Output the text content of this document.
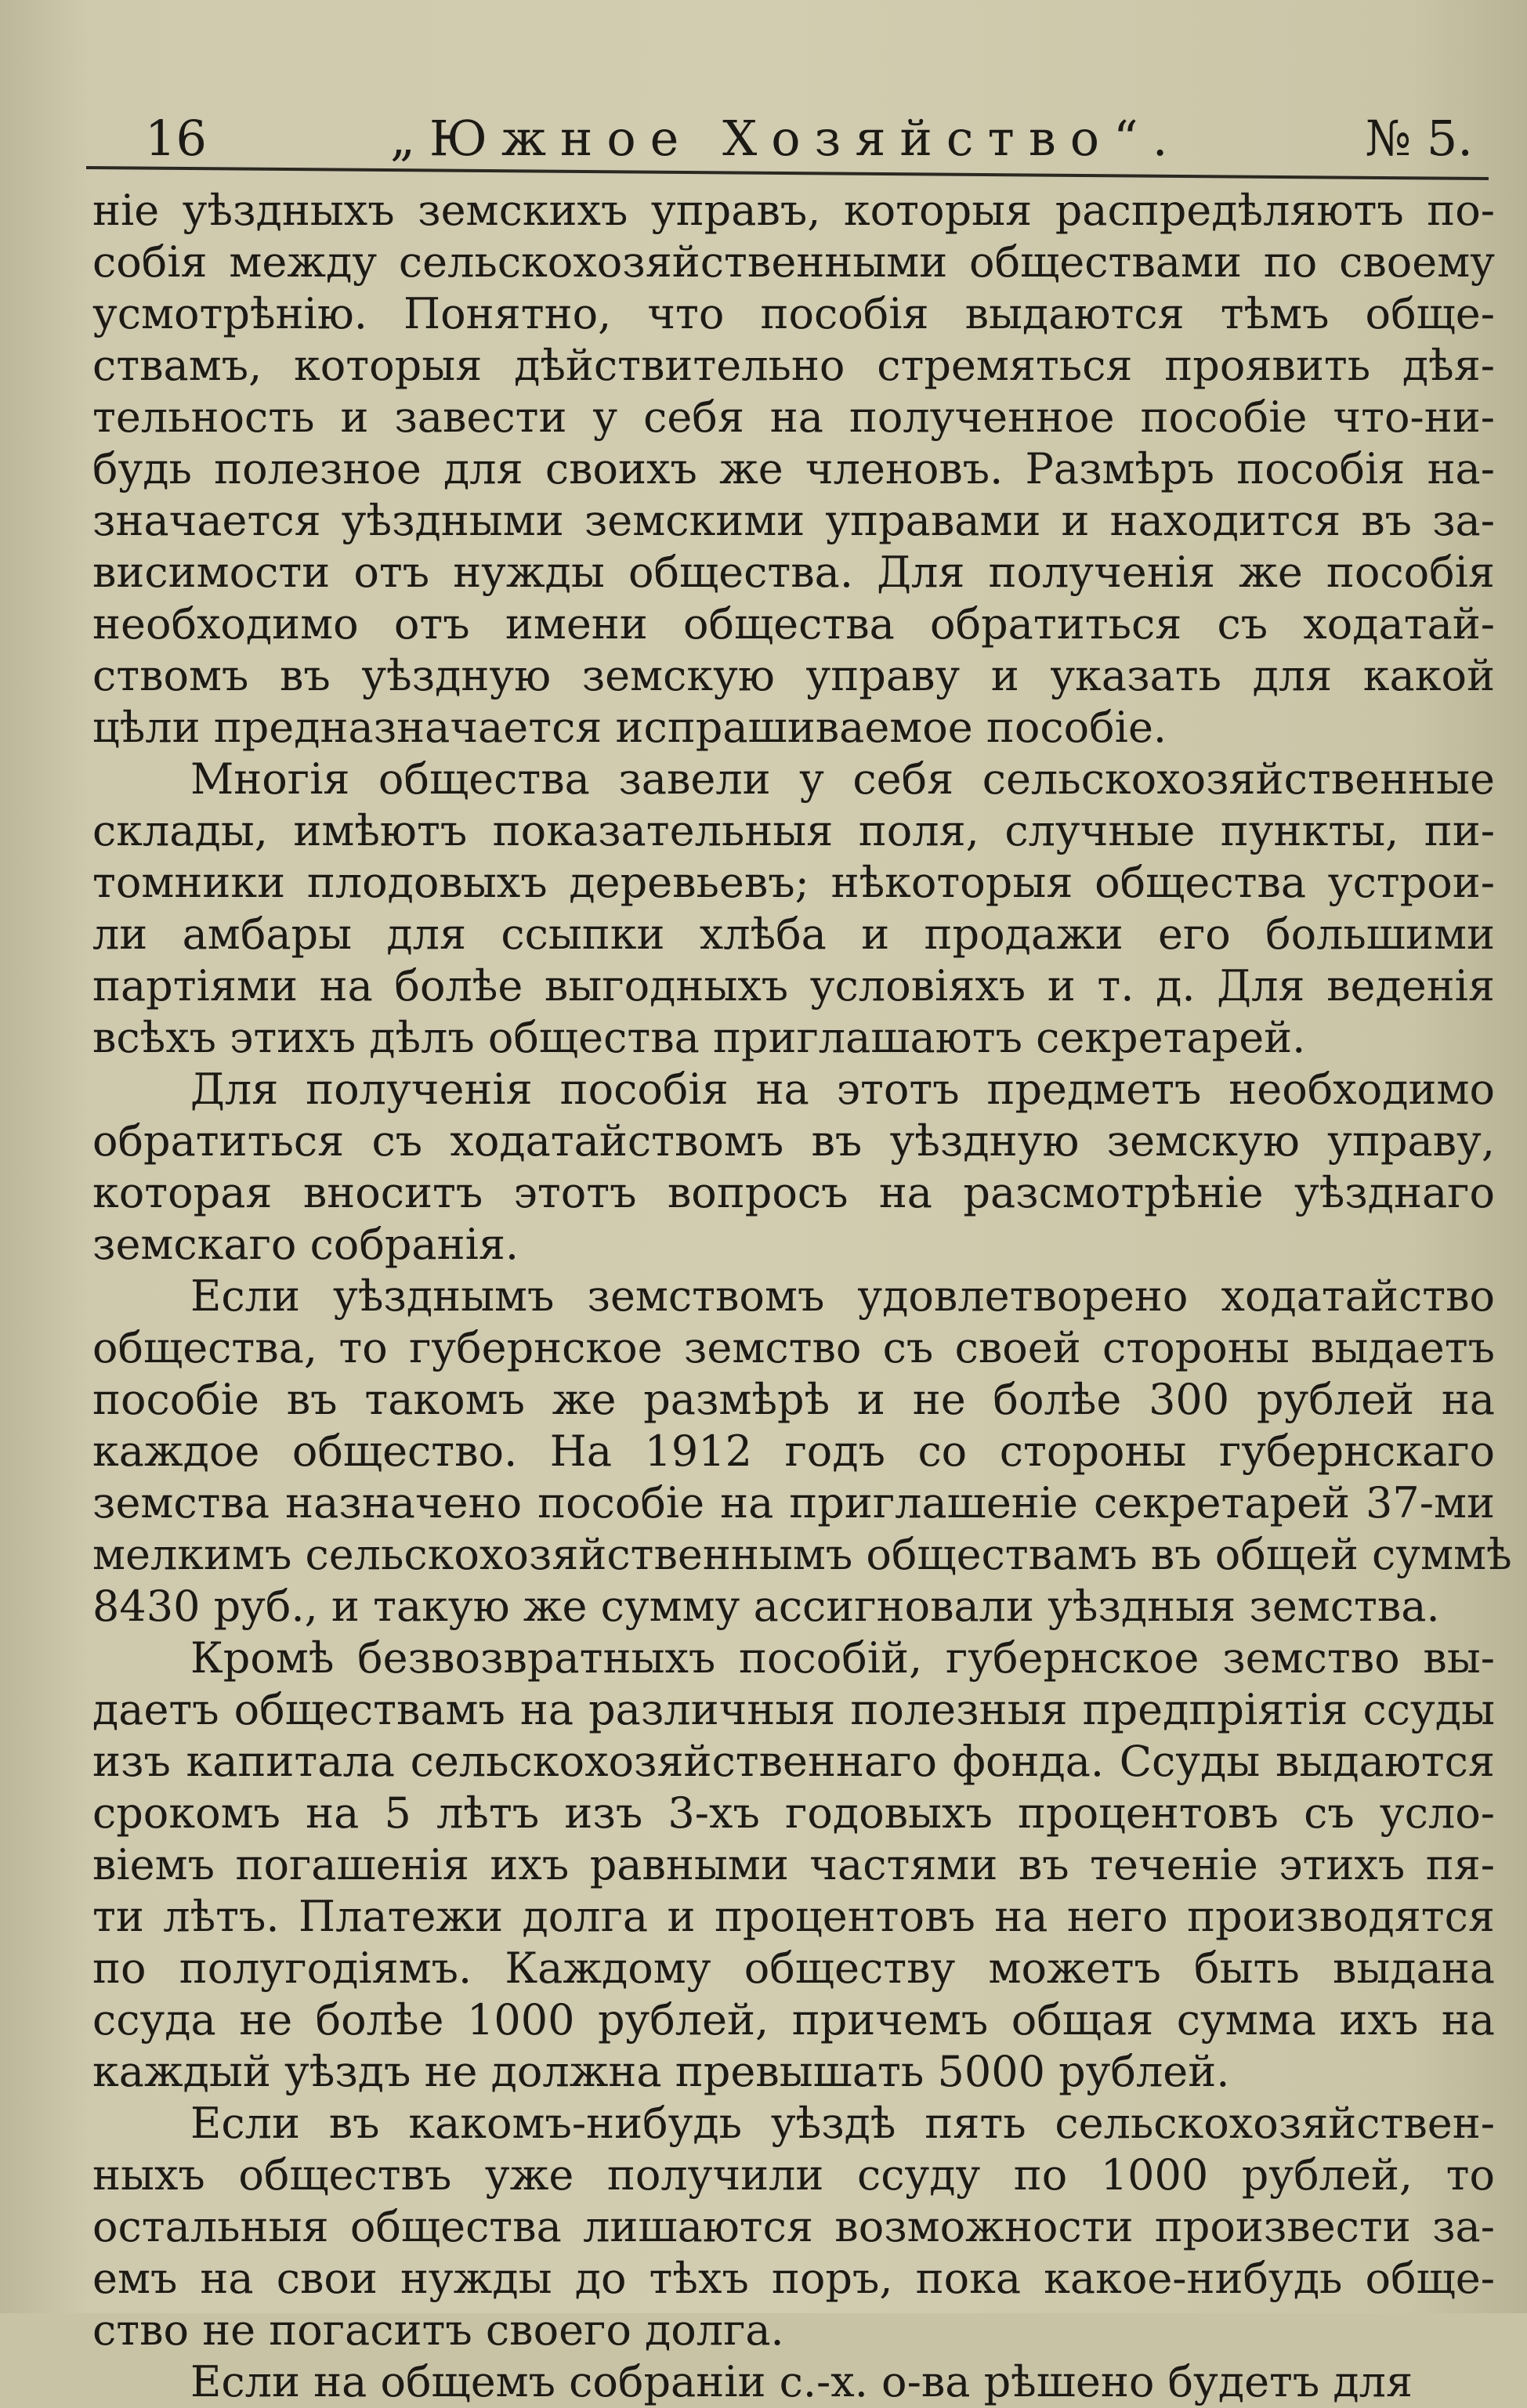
16	„Южное Хозяйство“.	№ 5.
ніе уѣздныхъ земскихъ управъ, которыя распредѣляютъ по-
собія между сельскохозяйственными обществами по своему
усмотрѣнію. Понятно, что пособія выдаются тѣмъ обще-
ствамъ, которыя дѣйствительно стремяться проявить дѣя-
тельность и завести у себя на полученное пособіе что-ни-
будь полезное для своихъ же членовъ. Размѣръ пособія на-
значается уѣздными земскими управами и находится въ за-
висимости отъ нужды общества. Для полученія же пособія
необходимо отъ имени общества обратиться съ ходатай-
ствомъ въ уѣздную земскую управу и указать для какой
цѣли предназначается испрашиваемое пособіе.
Многія общества завели у себя сельскохозяйственные
склады, имѣютъ показательныя поля, случные пункты, пи-
томники плодовыхъ деревьевъ; нѣкоторыя общества устрои-
ли амбары для ссыпки хлѣба и продажи его большими
партіями на болѣе выгодныхъ условіяхъ и т. д. Для веденія
всѣхъ этихъ дѣлъ общества приглашаютъ секретарей.
Для полученія пособія на этотъ предметъ необходимо
обратиться съ ходатайствомъ въ уѣздную земскую управу,
которая вноситъ этотъ вопросъ на разсмотрѣніе уѣзднаго
земскаго собранія.
Если уѣзднымъ земствомъ удовлетворено ходатайство
общества, то губернское земство съ своей стороны выдаетъ
пособіе въ такомъ же размѣрѣ и не болѣе 300 рублей на
каждое общество. На 1912 годъ со стороны губернскаго
земства назначено пособіе на приглашеніе секретарей 37-ми
мелкимъ сельскохозяйственнымъ обществамъ въ общей суммѣ
8430 руб., и такую же сумму ассигновали уѣздныя земства.
Кромѣ безвозвратныхъ пособій, губернское земство вы-
даетъ обществамъ на различныя полезныя предпріятія ссуды
изъ капитала сельскохозяйственнаго фонда. Ссуды выдаются
срокомъ на 5 лѣтъ изъ 3-хъ годовыхъ процентовъ съ усло-
віемъ погашенія ихъ равными частями въ теченіе этихъ пя-
ти лѣтъ. Платежи долга и процентовъ на него производятся
по полугодіямъ. Каждому обществу можетъ быть выдана
ссуда не болѣе 1000 рублей, причемъ общая сумма ихъ на
каждый уѣздъ не должна превышать 5000 рублей.
Если въ какомъ-нибудь уѣздѣ пять сельскохозяйствен-
ныхъ обществъ уже получили ссуду по 1000 рублей, то
остальныя общества лишаются возможности произвести за-
емъ на свои нужды до тѣхъ поръ, пока какое-нибудь обще-
ство не погаситъ своего долга.
Если на общемъ собраніи с.-х. о-ва рѣшено будетъ для
